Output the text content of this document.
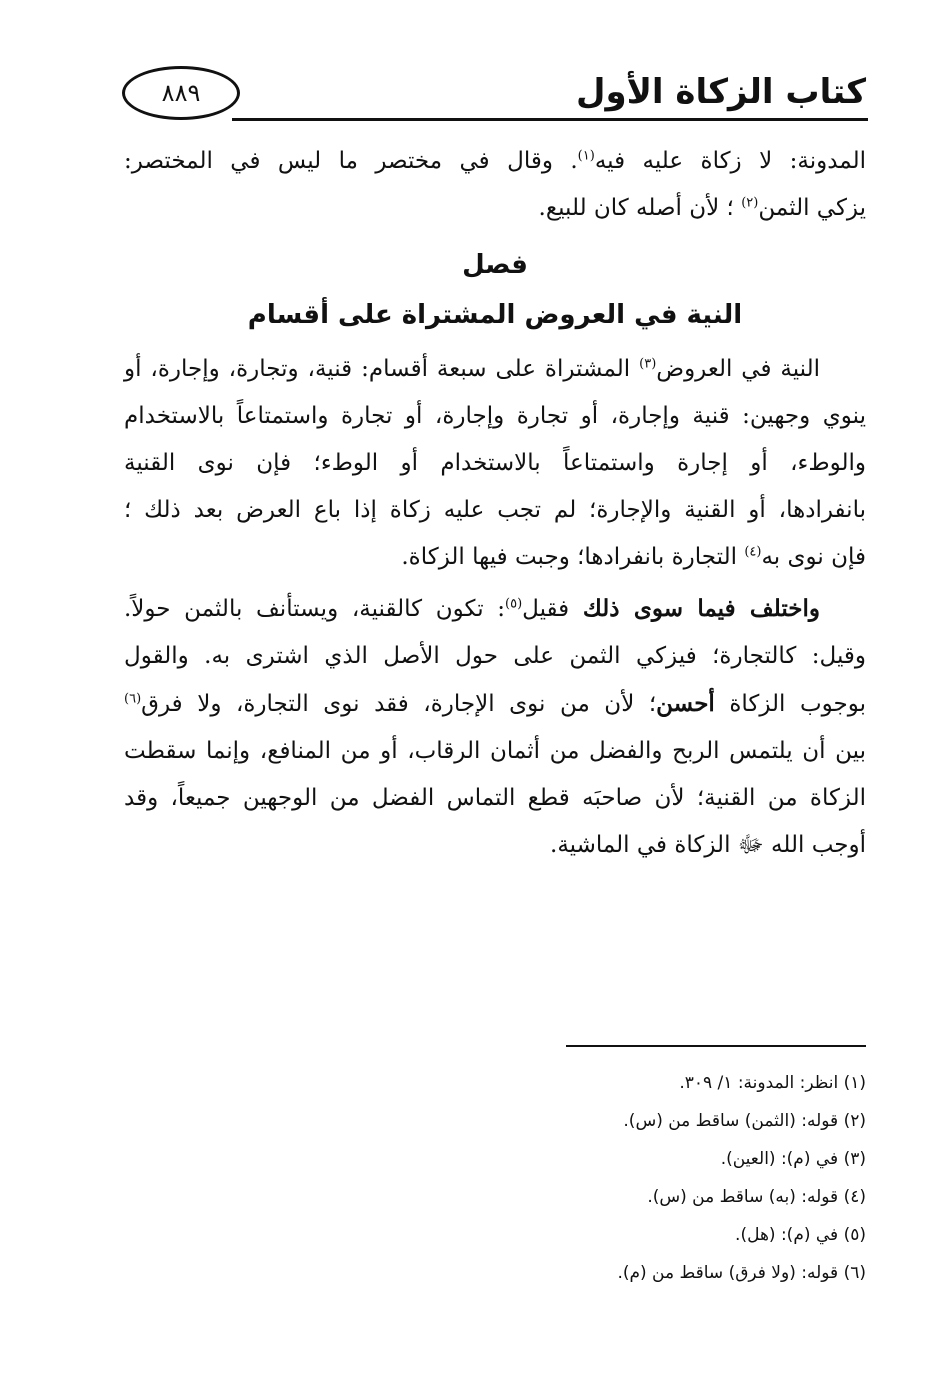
كتاب الزكاة الأول
٨٨٩

المدونة: لا زكاة عليه فيه$^{(١)}$. وقال في مختصر ما ليس في المختصر:
يزكي الثمن$^{(٢)}$ ؛ لأن أصله كان للبيع.

فصل

النية في العروض المشتراة على أقسام

النية في العروض$^{(٣)}$ المشتراة على سبعة أقسام: قنية، وتجارة، وإجارة، أو
ينوي وجهين: قنية وإجارة، أو تجارة وإجارة، أو تجارة واستمتاعاً بالاستخدام
والوطء، أو إجارة واستمتاعاً بالاستخدام أو الوطء؛ فإن نوى القنية
بانفرادها، أو القنية والإجارة؛ لم تجب عليه زكاة إذا باع العرض بعد ذلك ؛
فإن نوى به$^{(٤)}$ التجارة بانفرادها؛ وجبت فيها الزكاة.

واختلف فيما سوى ذلك فقيل$^{(٥)}$: تكون كالقنية، ويستأنف بالثمن حولاً.
وقيل: كالتجارة؛ فيزكي الثمن على حول الأصل الذي اشترى به. والقول
بوجوب الزكاة أحسن؛ لأن من نوى الإجارة، فقد نوى التجارة، ولا فرق$^{(٦)}$
بين أن يلتمس الربح والفضل من أثمان الرقاب، أو من المنافع، وإنما سقطت
الزكاة من القنية؛ لأن صاحبَه قطع التماس الفضل من الوجهين جميعاً، وقد
أوجب الله ﷻ الزكاة في الماشية.

(١) انظر: المدونة: ١/ ٣٠٩.
(٢) قوله: (الثمن) ساقط من (س).
(٣) في (م): (العين).
(٤) قوله: (به) ساقط من (س).
(٥) في (م): (هل).
(٦) قوله: (ولا فرق) ساقط من (م).
